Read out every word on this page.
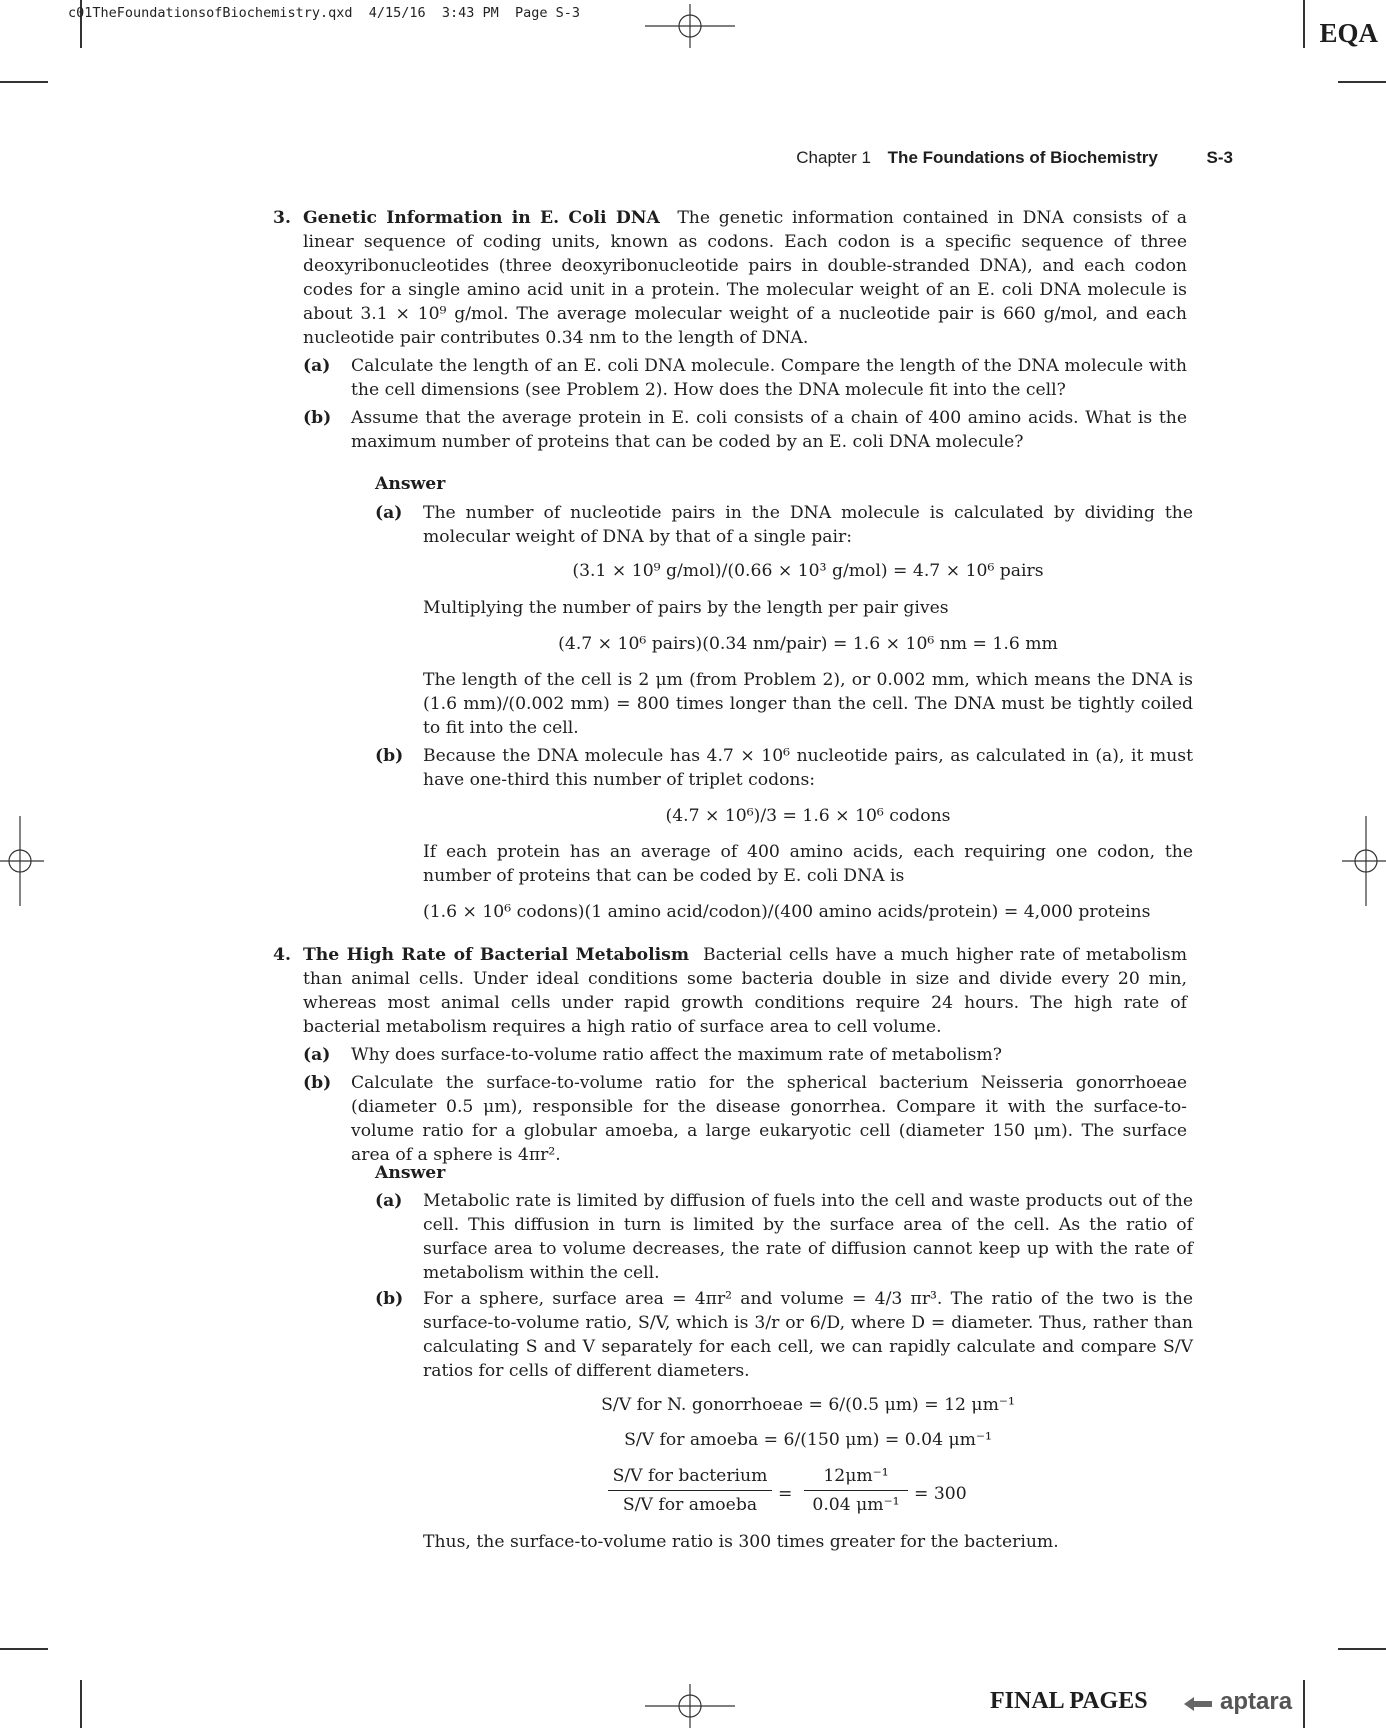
c01TheFoundationsofBiochemistry.qxd  4/15/16  3:43 PM  Page S-3
EQA
Chapter 1 The Foundations of Biochemistry	S-3
3. Genetic Information in E. Coli DNA The genetic information contained in DNA consists of a linear sequence of coding units, known as codons. Each codon is a specific sequence of three deoxyribonucleotides (three deoxyribonucleotide pairs in double-stranded DNA), and each codon codes for a single amino acid unit in a protein. The molecular weight of an E. coli DNA molecule is about 3.1 × 10⁹ g/mol. The average molecular weight of a nucleotide pair is 660 g/mol, and each nucleotide pair contributes 0.34 nm to the length of DNA.
(a) Calculate the length of an E. coli DNA molecule. Compare the length of the DNA molecule with the cell dimensions (see Problem 2). How does the DNA molecule fit into the cell?
(b) Assume that the average protein in E. coli consists of a chain of 400 amino acids. What is the maximum number of proteins that can be coded by an E. coli DNA molecule?
Answer
(a) The number of nucleotide pairs in the DNA molecule is calculated by dividing the molecular weight of DNA by that of a single pair:
(3.1 × 10⁹ g/mol)/(0.66 × 10³ g/mol) = 4.7 × 10⁶ pairs
Multiplying the number of pairs by the length per pair gives
(4.7 × 10⁶ pairs)(0.34 nm/pair) = 1.6 × 10⁶ nm = 1.6 mm
The length of the cell is 2 μm (from Problem 2), or 0.002 mm, which means the DNA is (1.6 mm)/(0.002 mm) = 800 times longer than the cell. The DNA must be tightly coiled to fit into the cell.
(b) Because the DNA molecule has 4.7 × 10⁶ nucleotide pairs, as calculated in (a), it must have one-third this number of triplet codons:
(4.7 × 10⁶)/3 = 1.6 × 10⁶ codons
If each protein has an average of 400 amino acids, each requiring one codon, the number of proteins that can be coded by E. coli DNA is
(1.6 × 10⁶ codons)(1 amino acid/codon)/(400 amino acids/protein) = 4,000 proteins
4. The High Rate of Bacterial Metabolism Bacterial cells have a much higher rate of metabolism than animal cells. Under ideal conditions some bacteria double in size and divide every 20 min, whereas most animal cells under rapid growth conditions require 24 hours. The high rate of bacterial metabolism requires a high ratio of surface area to cell volume.
(a) Why does surface-to-volume ratio affect the maximum rate of metabolism?
(b) Calculate the surface-to-volume ratio for the spherical bacterium Neisseria gonorrhoeae (diameter 0.5 μm), responsible for the disease gonorrhea. Compare it with the surface-to-volume ratio for a globular amoeba, a large eukaryotic cell (diameter 150 μm). The surface area of a sphere is 4πr².
Answer
(a) Metabolic rate is limited by diffusion of fuels into the cell and waste products out of the cell. This diffusion in turn is limited by the surface area of the cell. As the ratio of surface area to volume decreases, the rate of diffusion cannot keep up with the rate of metabolism within the cell.
(b) For a sphere, surface area = 4πr² and volume = 4/3 πr³. The ratio of the two is the surface-to-volume ratio, S/V, which is 3/r or 6/D, where D = diameter. Thus, rather than calculating S and V separately for each cell, we can rapidly calculate and compare S/V ratios for cells of different diameters.
S/V for N. gonorrhoeae = 6/(0.5 μm) = 12 μm⁻¹
S/V for amoeba = 6/(150 μm) = 0.04 μm⁻¹
S/V for bacterium
S/V for amoeba
=
12μm⁻¹
0.04 μm⁻¹
= 300
Thus, the surface-to-volume ratio is 300 times greater for the bacterium.
FINAL PAGES	aptara
